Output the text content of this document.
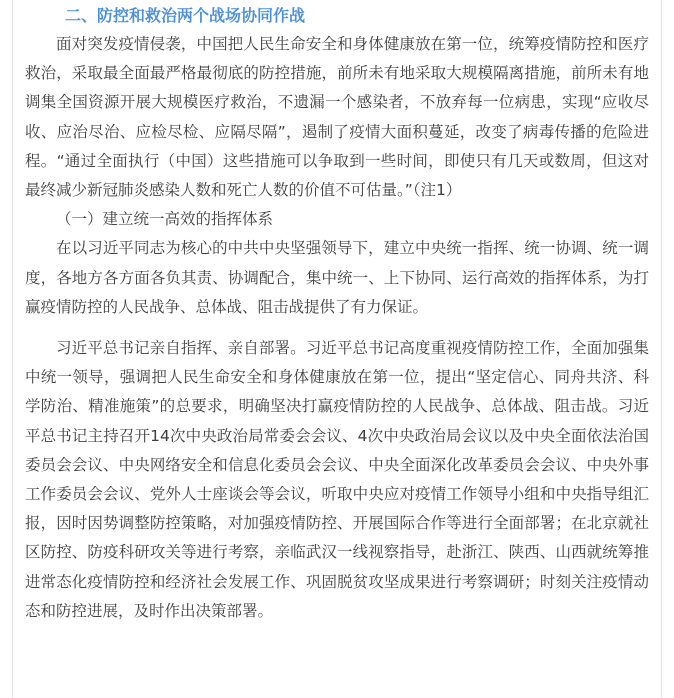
二、防控和救治两个战场协同作战

面对突发疫情侵袭，中国把人民生命安全和身体健康放在第一位，统筹疫情防控和医疗救治，采取最全面最严格最彻底的防控措施，前所未有地采取大规模隔离措施，前所未有地调集全国资源开展大规模医疗救治，不遗漏一个感染者，不放弃每一位病患，实现“应收尽收、应治尽治、应检尽检、应隔尽隔”，遏制了疫情大面积蔓延，改变了病毒传播的危险进程。“通过全面执行（中国）这些措施可以争取到一些时间，即使只有几天或数周，但这对最终减少新冠肺炎感染人数和死亡人数的价值不可估量。”（注1）

（一）建立统一高效的指挥体系

在以习近平同志为核心的中共中央坚强领导下，建立中央统一指挥、统一协调、统一调度，各地方各方面各负其责、协调配合，集中统一、上下协同、运行高效的指挥体系，为打赢疫情防控的人民战争、总体战、阻击战提供了有力保证。

习近平总书记亲自指挥、亲自部署。习近平总书记高度重视疫情防控工作，全面加强集中统一领导，强调把人民生命安全和身体健康放在第一位，提出“坚定信心、同舟共济、科学防治、精准施策”的总要求，明确坚决打赢疫情防控的人民战争、总体战、阻击战。习近平总书记主持召开14次中央政治局常委会会议、4次中央政治局会议以及中央全面依法治国委员会会议、中央网络安全和信息化委员会会议、中央全面深化改革委员会会议、中央外事工作委员会会议、党外人士座谈会等会议，听取中央应对疫情工作领导小组和中央指导组汇报，因时因势调整防控策略，对加强疫情防控、开展国际合作等进行全面部署；在北京就社区防控、防疫科研攻关等进行考察，亲临武汉一线视察指导，赴浙江、陕西、山西就统筹推进常态化疫情防控和经济社会发展工作、巩固脱贫攻坚成果进行考察调研；时刻关注疫情动态和防控进展，及时作出决策部署。
